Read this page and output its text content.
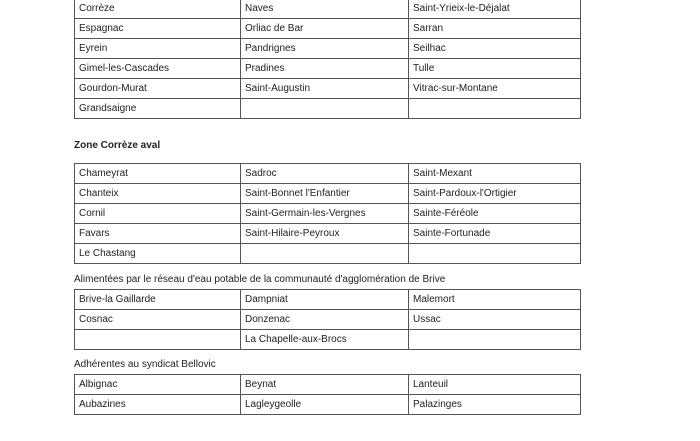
Corrèze	Naves	Saint-Yrieix-le-Déjalat
Espagnac	Orliac de Bar	Sarran
Eyrein	Pandrignes	Seilhac
Gimel-les-Cascades	Pradines	Tulle
Gourdon-Murat	Saint-Augustin	Vitrac-sur-Montane
Grandsaigne		
Zone Corrèze aval
Chameyrat	Sadroc	Saint-Mexant
Chanteix	Saint-Bonnet l'Enfantier	Saint-Pardoux-l'Ortigier
Cornil	Saint-Germain-les-Vergnes	Sainte-Féréole
Favars	Saint-Hilaire-Peyroux	Sainte-Fortunade
Le Chastang		
Alimentées par le réseau d'eau potable de la communauté d'agglomération de Brive
Brive-la Gaillarde	Dampniat	Malemort
Cosnac	Donzenac	Ussac
	La Chapelle-aux-Brocs	
Adhérentes au syndicat Bellovic
Albignac	Beynat	Lanteuil
Aubazines	Lagleygeolle	Palazinges
